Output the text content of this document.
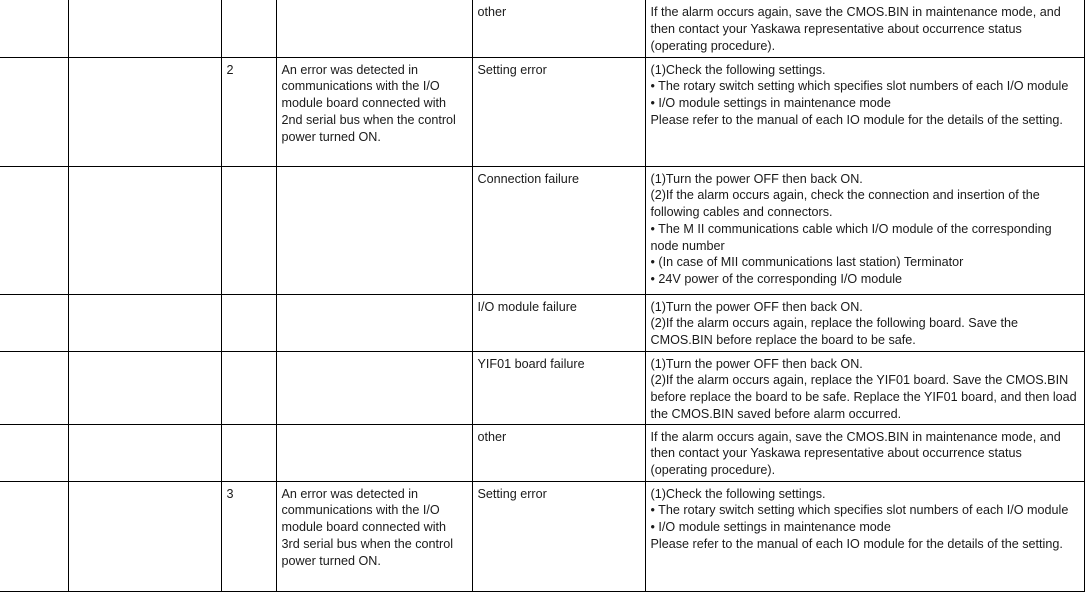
				other	If the alarm occurs again, save the CMOS.BIN in maintenance mode, and then contact your Yaskawa representative about occurrence status (operating procedure).
		2	An error was detected in communications with the I/O module board connected with 2nd serial bus when the control power turned ON.	Setting error	(1)Check the following settings.
• The rotary switch setting which specifies slot numbers of each I/O module
• I/O module settings in maintenance mode
Please refer to the manual of each IO module for the details of the setting.
				Connection failure	(1)Turn the power OFF then back ON.
(2)If the alarm occurs again, check the connection and insertion of the following cables and connectors.
• The M II communications cable which I/O module of the corresponding node number
• (In case of MII communications last station) Terminator
• 24V power of the corresponding I/O module
				I/O module failure	(1)Turn the power OFF then back ON.
(2)If the alarm occurs again, replace the following board. Save the CMOS.BIN before replace the board to be safe.
				YIF01 board failure	(1)Turn the power OFF then back ON.
(2)If the alarm occurs again, replace the YIF01 board. Save the CMOS.BIN before replace the board to be safe. Replace the YIF01 board, and then load the CMOS.BIN saved before alarm occurred.
				other	If the alarm occurs again, save the CMOS.BIN in maintenance mode, and then contact your Yaskawa representative about occurrence status (operating procedure).
		3	An error was detected in communications with the I/O module board connected with 3rd serial bus when the control power turned ON.	Setting error	(1)Check the following settings.
• The rotary switch setting which specifies slot numbers of each I/O module
• I/O module settings in maintenance mode
Please refer to the manual of each IO module for the details of the setting.
